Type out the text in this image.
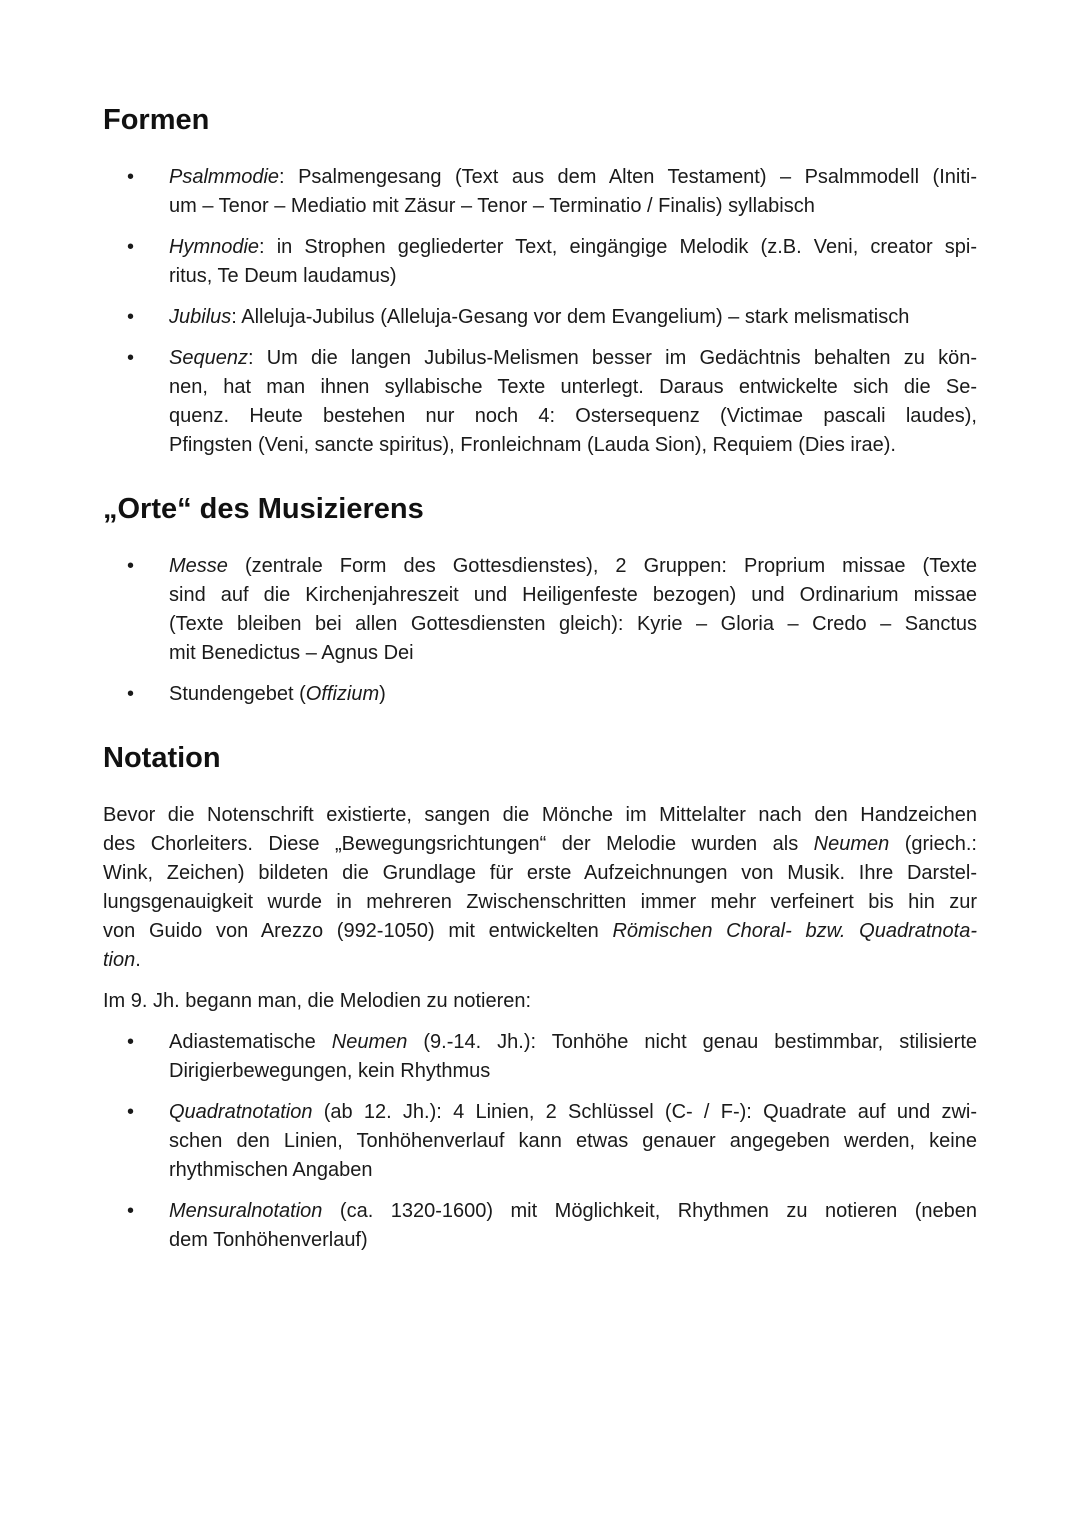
Formen
• Psalmmodie: Psalmengesang (Text aus dem Alten Testament) – Psalmmodell (Initi-
um – Tenor – Mediatio mit Zäsur – Tenor – Terminatio / Finalis) syllabisch
• Hymnodie: in Strophen gegliederter Text, eingängige Melodik (z.B. Veni, creator spi-
ritus, Te Deum laudamus)
• Jubilus: Alleluja-Jubilus (Alleluja-Gesang vor dem Evangelium) – stark melismatisch
• Sequenz: Um die langen Jubilus-Melismen besser im Gedächtnis behalten zu kön-
nen, hat man ihnen syllabische Texte unterlegt. Daraus entwickelte sich die Se-
quenz. Heute bestehen nur noch 4: Ostersequenz (Victimae pascali laudes),
Pfingsten (Veni, sancte spiritus), Fronleichnam (Lauda Sion), Requiem (Dies irae).
„Orte“ des Musizierens
• Messe (zentrale Form des Gottesdienstes), 2 Gruppen: Proprium missae (Texte
sind auf die Kirchenjahreszeit und Heiligenfeste bezogen) und Ordinarium missae
(Texte bleiben bei allen Gottesdiensten gleich): Kyrie – Gloria – Credo – Sanctus
mit Benedictus – Agnus Dei
• Stundengebet (Offizium)
Notation
Bevor die Notenschrift existierte, sangen die Mönche im Mittelalter nach den Handzeichen
des Chorleiters. Diese „Bewegungsrichtungen“ der Melodie wurden als Neumen (griech.:
Wink, Zeichen) bildeten die Grundlage für erste Aufzeichnungen von Musik. Ihre Darstel-
lungsgenauigkeit wurde in mehreren Zwischenschritten immer mehr verfeinert bis hin zur
von Guido von Arezzo (992-1050) mit entwickelten Römischen Choral- bzw. Quadratnota-
tion.
Im 9. Jh. begann man, die Melodien zu notieren:
• Adiastematische Neumen (9.-14. Jh.): Tonhöhe nicht genau bestimmbar, stilisierte
Dirigierbewegungen, kein Rhythmus
• Quadratnotation (ab 12. Jh.): 4 Linien, 2 Schlüssel (C- / F-): Quadrate auf und zwi-
schen den Linien, Tonhöhenverlauf kann etwas genauer angegeben werden, keine
rhythmischen Angaben
• Mensuralnotation (ca. 1320-1600) mit Möglichkeit, Rhythmen zu notieren (neben
dem Tonhöhenverlauf)
